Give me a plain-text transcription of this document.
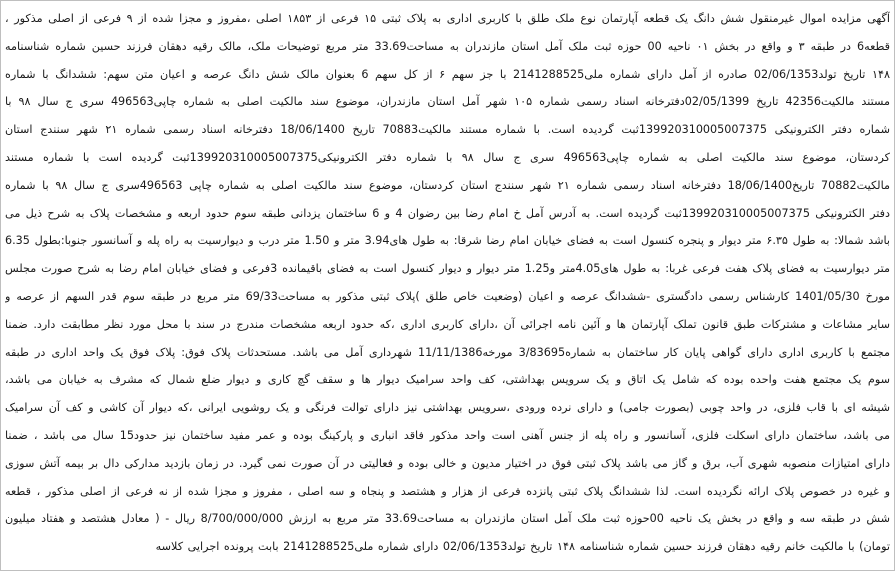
آگهی مزایده اموال غیرمنقول شش دانگ یک قطعه آپارتمان نوع ملک طلق با کاربری اداری به پلاک ثبتی ۱۵ فرعی از ۱۸۵۳ اصلی ،مفروز و مجزا شده از ۹ فرعی از اصلی مذکور ،
قطعه6 در طبقه ۳ و واقع در بخش ۰۱ ناحیه 00 حوزه ثبت ملک آمل استان مازندران به مساحت33.69 متر مربع توضیحات ملک، مالک رقیه دهقان فرزند حسین شماره شناسنامه
۱۴۸ تاریخ تولد02/06/1353 صادره از آمل دارای شماره ملی2141288525 با جز سهم ۶ از کل سهم 6 بعنوان مالک شش دانگ عرصه و اعیان متن سهم: ششدانگ با شماره
مستند مالکیت42356 تاریخ 02/05/1399دفترخانه اسناد رسمی شماره ۱۰۵ شهر آمل استان مازندران، موضوع سند مالکیت اصلی به شماره چاپی496563 سری ج سال ۹۸ با
شماره دفتر الکترونیکی 139920310005007375ثبت گردیده است. با شماره مستند مالکیت70883 تاریخ 18/06/1400 دفترخانه اسناد رسمی شماره ۲۱ شهر سنندج استان
کردستان، موضوع سند مالکیت اصلی به شماره چاپی496563 سری ج سال ۹۸ با شماره دفتر الکترونیکی139920310005007375ثبت گردیده است با شماره مستند
مالکیت70882 تاریخ18/06/1400 دفترخانه اسناد رسمی شماره ۲۱ شهر سنندج استان کردستان، موضوع سند مالکیت اصلی به شماره چاپی 496563سری ج سال ۹۸ با شماره
دفتر الکترونیکی 139920310005007375ثبت گردیده است. به آدرس آمل خ امام رضا بین رضوان 4 و 6 ساختمان یزدانی طبقه سوم حدود اربعه و مشخصات پلاک به شرح ذیل می
باشد شمالا: به طول ۶.۳۵ متر دیوار و پنجره کنسول است به فضای خیابان امام رضا شرقا: به طول های3.94 متر و 1.50 متر درب و دیوارسیت به راه پله و آسانسور جنوبا:بطول 6.35
متر دیوارسیت به فضای پلاک هفت فرعی غربا: به طول های4.05متر و1.25 متر دیوار و دیوار کنسول است به فضای باقیمانده 3فرعی و فضای خیابان امام رضا به شرح صورت مجلس
مورخ 1401/05/30 کارشناس رسمی دادگستری -ششدانگ عرصه و اعیان (وضعیت خاص طلق )پلاک ثبتی مذکور به مساحت69/33 متر مربع در طبقه سوم قدر السهم از عرصه و
سایر مشاعات و مشترکات طبق قانون تملک آپارتمان ها و آئین نامه اجرائی آن ،دارای کاربری اداری ،که حدود اربعه مشخصات مندرج در سند با محل مورد نظر مطابقت دارد. ضمنا
مجتمع با کاربری اداری دارای گواهی پایان کار ساختمان به شماره3/83695 مورخه11/11/1386 شهرداری آمل می باشد. مستحدثات پلاک فوق: پلاک فوق یک واحد اداری در طبقه
سوم یک مجتمع هفت واحده بوده که شامل یک اتاق و یک سرویس بهداشتی، کف واحد سرامیک دیوار ها و سقف گچ کاری و دیوار ضلع شمال که مشرف به خیابان می باشد،
شیشه ای با قاب فلزی، در واحد چوبی (بصورت جامی) و دارای نرده ورودی ،سرویس بهداشتی نیز دارای توالت فرنگی و یک روشویی ایرانی ،که دیوار آن کاشی و کف آن سرامیک
می باشد، ساختمان دارای اسکلت فلزی، آسانسور و راه پله از جنس آهنی است واحد مذکور فاقد انباری و پارکینگ بوده و عمر مفید ساختمان نیز حدود15 سال می باشد ، ضمنا
دارای امتیازات منصوبه شهری آب، برق و گاز می باشد پلاک ثبتی فوق در اختیار مدیون و خالی بوده و فعالیتی در آن صورت نمی گیرد. در زمان بازدید مدارکی دال بر بیمه آتش سوزی
و غیره در خصوص پلاک ارائه نگردیده است. لذا ششدانگ پلاک ثبتی پانزده فرعی از هزار و هشتصد و پنجاه و سه اصلی ، مفروز و مجزا شده از نه فرعی از اصلی مذکور ، قطعه
شش در طبقه سه و واقع در بخش یک ناحیه 00حوزه ثبت ملک آمل استان مازندران به مساحت33.69 متر مربع به ارزش 8/700/000/000 ریال - ( معادل هشتصد و هفتاد میلیون
تومان) با مالکیت خانم رقیه دهقان فرزند حسین شماره شناسنامه ۱۴۸ تاریخ تولد02/06/1353 دارای شماره ملی2141288525 بابت پرونده اجرایی کلاسه
